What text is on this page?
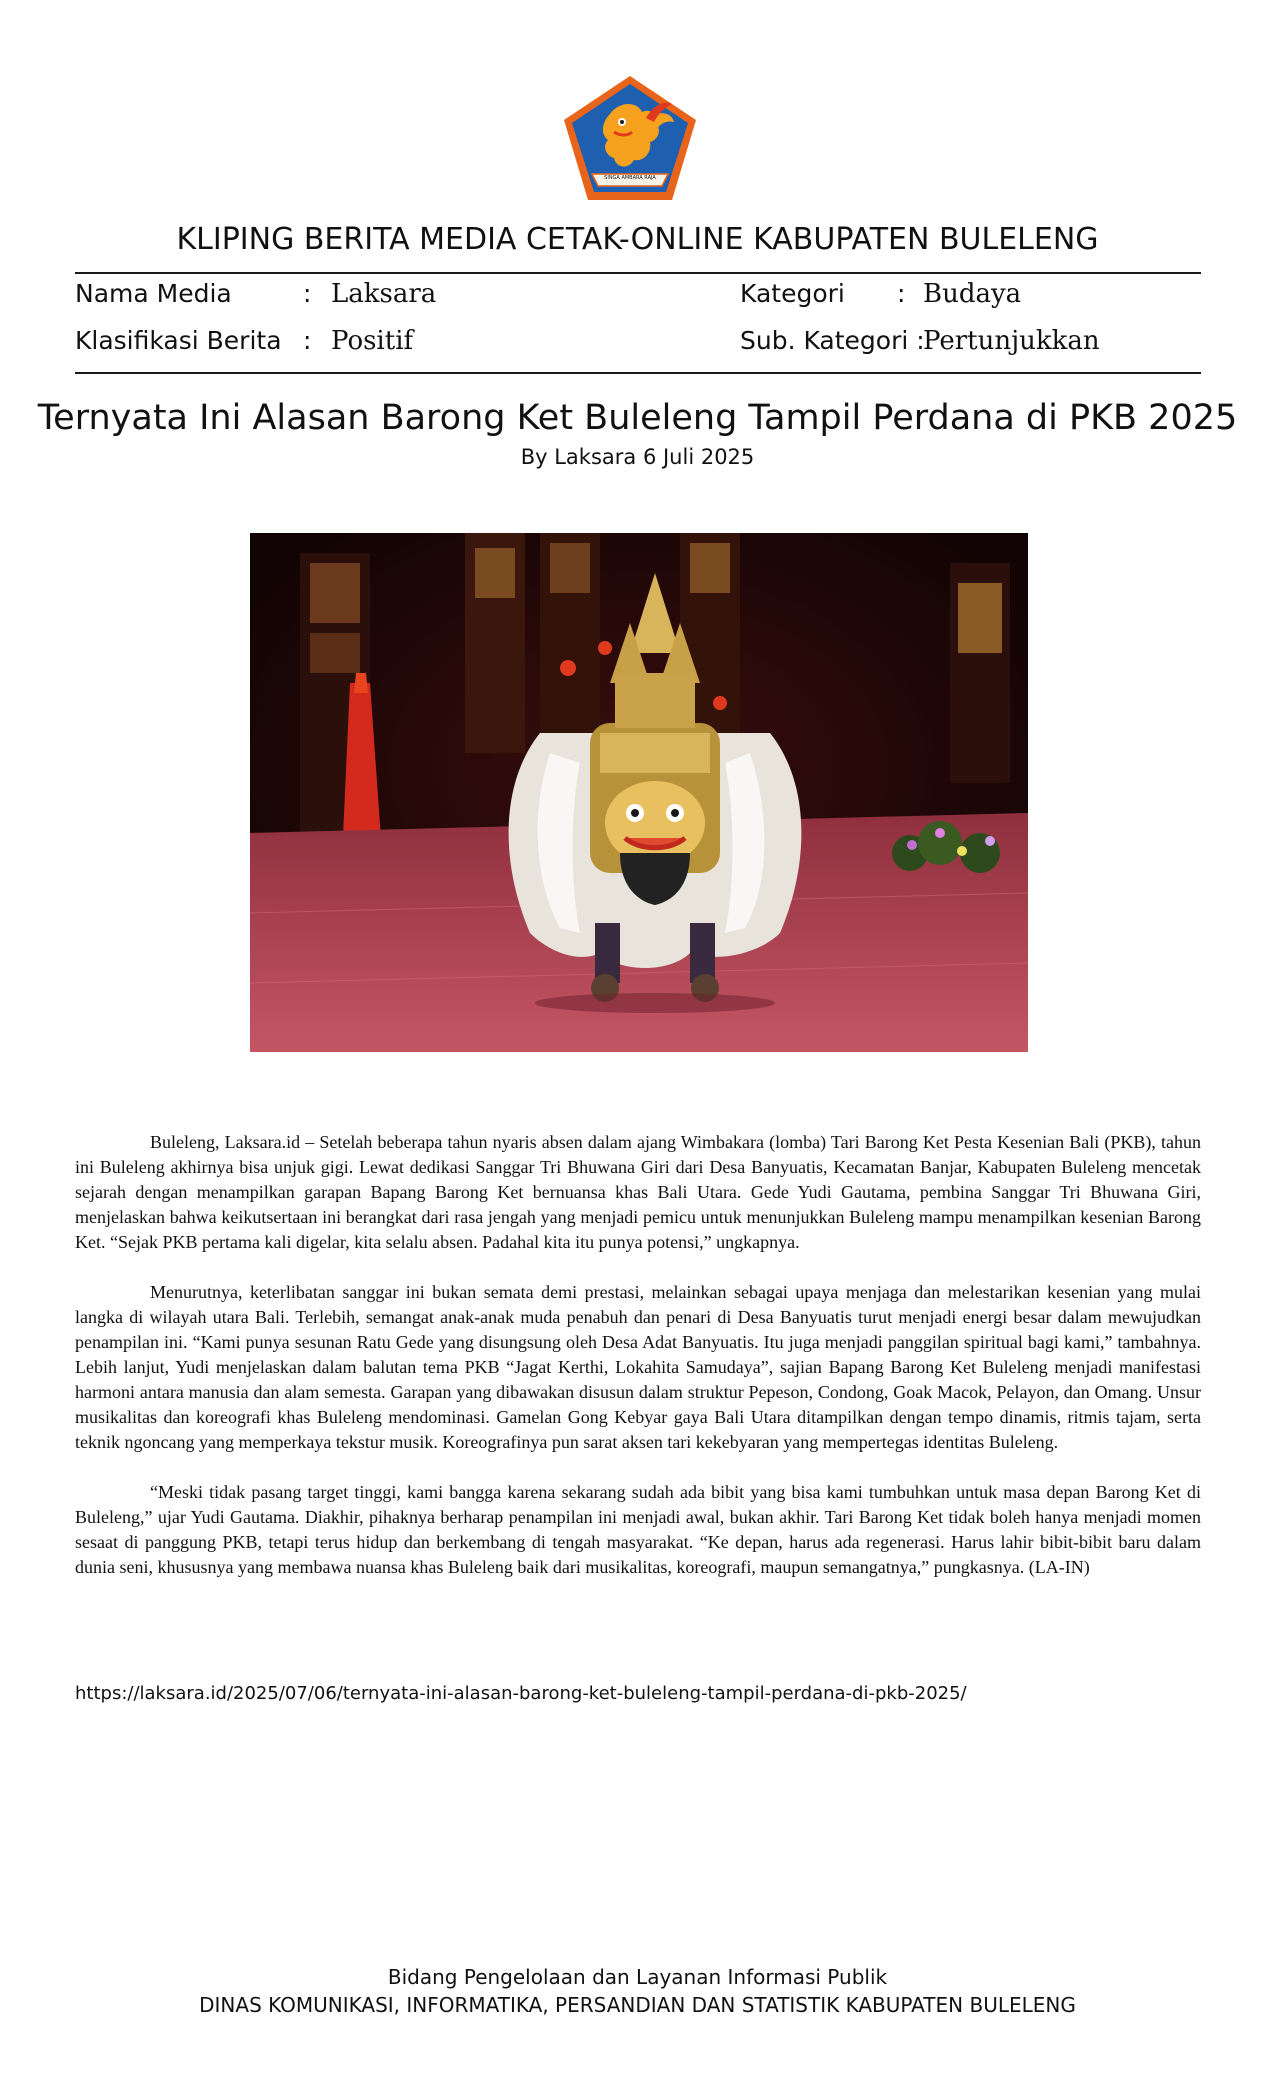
SINGA AMBARA RAJA
KLIPING BERITA MEDIA CETAK-ONLINE KABUPATEN BULELENG
Nama Media	: Laksara
Klasifikasi Berita : Positif
Kategori : Budaya
Sub. Kategori :
Pertunjukkan
Ternyata Ini Alasan Barong Ket Buleleng Tampil Perdana di PKB 2025
By Laksara 6 Juli 2025

Buleleng, Laksara.id – Setelah beberapa tahun nyaris absen dalam ajang Wimbakara (lomba) Tari Barong Ket Pesta Kesenian Bali (PKB), tahun ini Buleleng akhirnya bisa unjuk gigi. Lewat dedikasi Sanggar Tri Bhuwana Giri dari Desa Banyuatis, Kecamatan Banjar, Kabupaten Buleleng mencetak sejarah dengan menampilkan garapan Bapang Barong Ket bernuansa khas Bali Utara. Gede Yudi Gautama, pembina Sanggar Tri Bhuwana Giri, menjelaskan bahwa keikutsertaan ini berangkat dari rasa jengah yang menjadi pemicu untuk menunjukkan Buleleng mampu menampilkan kesenian Barong Ket. “Sejak PKB pertama kali digelar, kita selalu absen. Padahal kita itu punya potensi,” ungkapnya.

Menurutnya, keterlibatan sanggar ini bukan semata demi prestasi, melainkan sebagai upaya menjaga dan melestarikan kesenian yang mulai langka di wilayah utara Bali. Terlebih, semangat anak-anak muda penabuh dan penari di Desa Banyuatis turut menjadi energi besar dalam mewujudkan penampilan ini. “Kami punya sesunan Ratu Gede yang disungsung oleh Desa Adat Banyuatis. Itu juga menjadi panggilan spiritual bagi kami,” tambahnya. Lebih lanjut, Yudi menjelaskan dalam balutan tema PKB “Jagat Kerthi, Lokahita Samudaya”, sajian Bapang Barong Ket Buleleng menjadi manifestasi harmoni antara manusia dan alam semesta. Garapan yang dibawakan disusun dalam struktur Pepeson, Condong, Goak Macok, Pelayon, dan Omang. Unsur musikalitas dan koreografi khas Buleleng mendominasi. Gamelan Gong Kebyar gaya Bali Utara ditampilkan dengan tempo dinamis, ritmis tajam, serta teknik ngoncang yang memperkaya tekstur musik. Koreografinya pun sarat aksen tari kekebyaran yang mempertegas identitas Buleleng.

“Meski tidak pasang target tinggi, kami bangga karena sekarang sudah ada bibit yang bisa kami tumbuhkan untuk masa depan Barong Ket di Buleleng,” ujar Yudi Gautama. Diakhir, pihaknya berharap penampilan ini menjadi awal, bukan akhir. Tari Barong Ket tidak boleh hanya menjadi momen sesaat di panggung PKB, tetapi terus hidup dan berkembang di tengah masyarakat. “Ke depan, harus ada regenerasi. Harus lahir bibit-bibit baru dalam dunia seni, khususnya yang membawa nuansa khas Buleleng baik dari musikalitas, koreografi, maupun semangatnya,” pungkasnya. (LA-IN)

https://laksara.id/2025/07/06/ternyata-ini-alasan-barong-ket-buleleng-tampil-perdana-di-pkb-2025/
Bidang Pengelolaan dan Layanan Informasi Publik
DINAS KOMUNIKASI, INFORMATIKA, PERSANDIAN DAN STATISTIK KABUPATEN BULELENG
